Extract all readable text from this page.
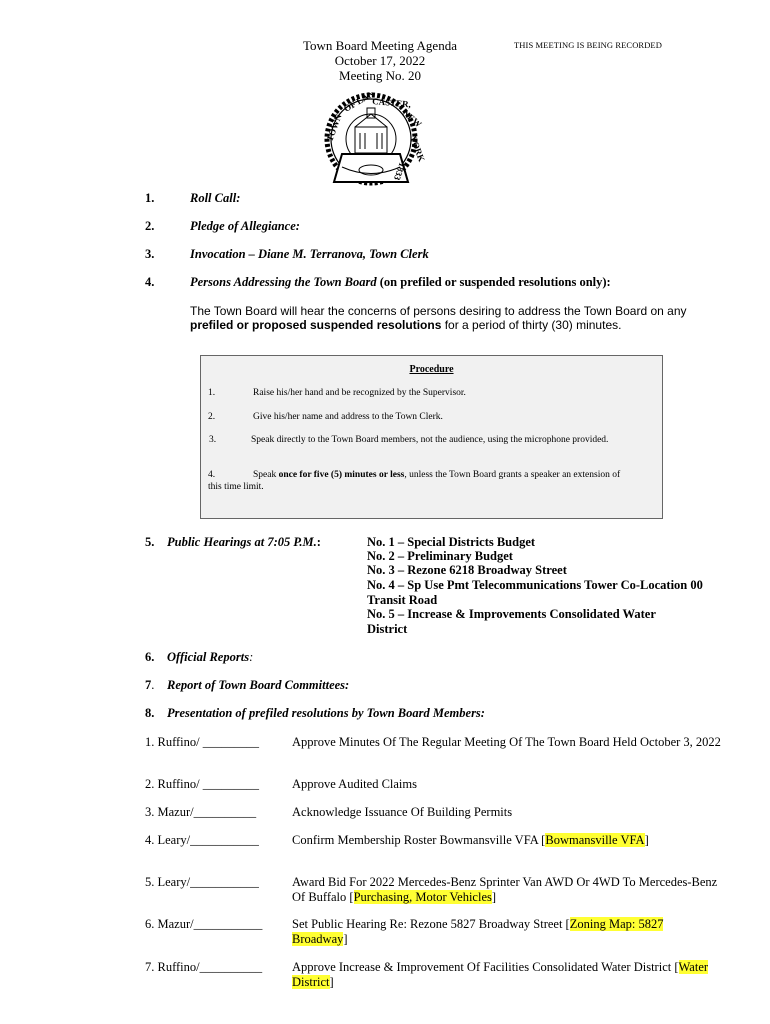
Town Board Meeting Agenda
October 17, 2022
Meeting No. 20
THIS MEETING IS BEING RECORDED
TOWN
OF LAN
CASTER,
NEW
YORK
1833
1.	Roll Call:
2.	Pledge of Allegiance:
3.	Invocation – Diane M. Terranova, Town Clerk
4.	Persons Addressing the Town Board (on prefiled or suspended resolutions only):
The Town Board will hear the concerns of persons desiring to address the Town Board on any prefiled or proposed suspended resolutions for a period of thirty (30) minutes.
Procedure
1.	Raise his/her hand and be recognized by the Supervisor.
2.	Give his/her name and address to the Town Clerk.
3.	Speak directly to the Town Board members, not the audience, using the microphone provided.
4.	Speak once for five (5) minutes or less, unless the Town Board grants a speaker an extension of this time limit.
5. Public Hearings at 7:05 P.M.:	No. 1 – Special Districts Budget
No. 2 – Preliminary Budget
No. 3 – Rezone 6218 Broadway Street
No. 4 – Sp Use Pmt Telecommunications Tower Co-Location 00 Transit Road
No. 5 – Increase & Improvements Consolidated Water District
6. Official Reports:
7. Report of Town Board Committees:
8. Presentation of prefiled resolutions by Town Board Members:
1. Ruffino/ _________	Approve Minutes Of The Regular Meeting Of The Town Board Held October 3, 2022
2. Ruffino/ _________	Approve Audited Claims
3. Mazur/__________	Acknowledge Issuance Of Building Permits
4. Leary/___________	Confirm Membership Roster Bowmansville VFA [Bowmansville VFA]
5. Leary/___________	Award Bid For 2022 Mercedes-Benz Sprinter Van AWD Or 4WD To Mercedes-Benz Of Buffalo [Purchasing, Motor Vehicles]
6. Mazur/___________ Set Public Hearing Re: Rezone 5827 Broadway Street [Zoning Map: 5827 Broadway]
7. Ruffino/__________ Approve Increase & Improvement Of Facilities Consolidated Water District [Water District]
